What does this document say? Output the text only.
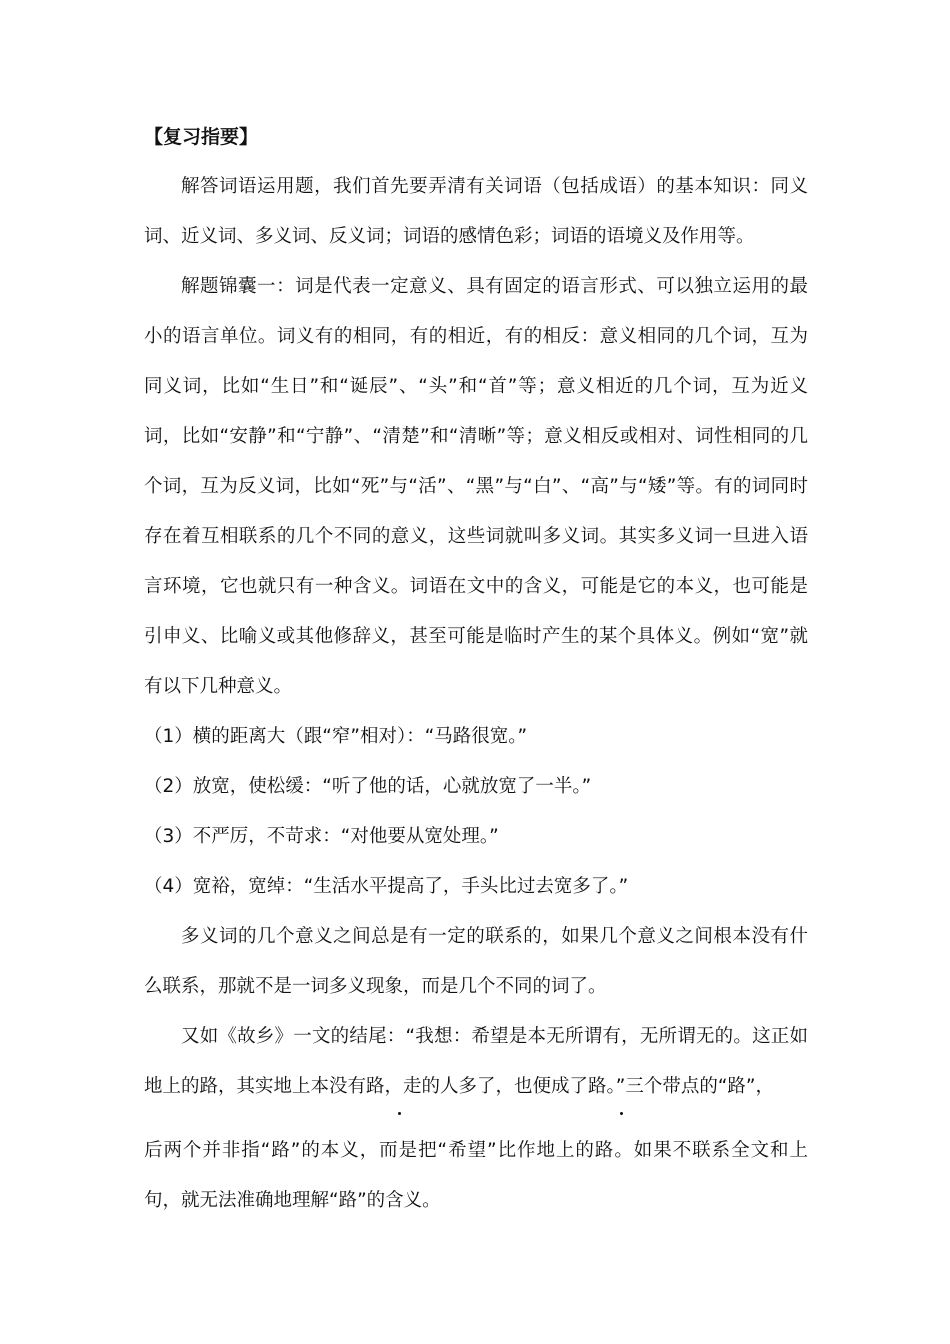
【复习指要】

解答词语运用题，我们首先要弄清有关词语（包括成语）的基本知识：同义词、近义词、多义词、反义词；词语的感情色彩；词语的语境义及作用等。

解题锦囊一：词是代表一定意义、具有固定的语言形式、可以独立运用的最小的语言单位。词义有的相同，有的相近，有的相反：意义相同的几个词，互为同义词，比如“生日”和“诞辰”、“头”和“首”等；意义相近的几个词，互为近义词，比如“安静”和“宁静”、“清楚”和“清晰”等；意义相反或相对、词性相同的几个词，互为反义词，比如“死”与“活”、“黑”与“白”、“高”与“矮”等。有的词同时存在着互相联系的几个不同的意义，这些词就叫多义词。其实多义词一旦进入语言环境，它也就只有一种含义。词语在文中的含义，可能是它的本义，也可能是引申义、比喻义或其他修辞义，甚至可能是临时产生的某个具体义。例如“宽”就有以下几种意义。

（1）横的距离大（跟“窄”相对）：“马路很宽。”

（2）放宽，使松缓：“听了他的话，心就放宽了一半。”

（3）不严厉，不苛求：“对他要从宽处理。”

（4）宽裕，宽绰：“生活水平提高了，手头比过去宽多了。”

多义词的几个意义之间总是有一定的联系的，如果几个意义之间根本没有什么联系，那就不是一词多义现象，而是几个不同的词了。

又如《故乡》一文的结尾：“我想：希望是本无所谓有，无所谓无的。这正如地上的路，其实地上本没有路，走的人多了，也便成了路。”三个带点的“路”，

后两个并非指“路”的本义，而是把“希望”比作地上的路。如果不联系全文和上句，就无法准确地理解“路”的含义。
